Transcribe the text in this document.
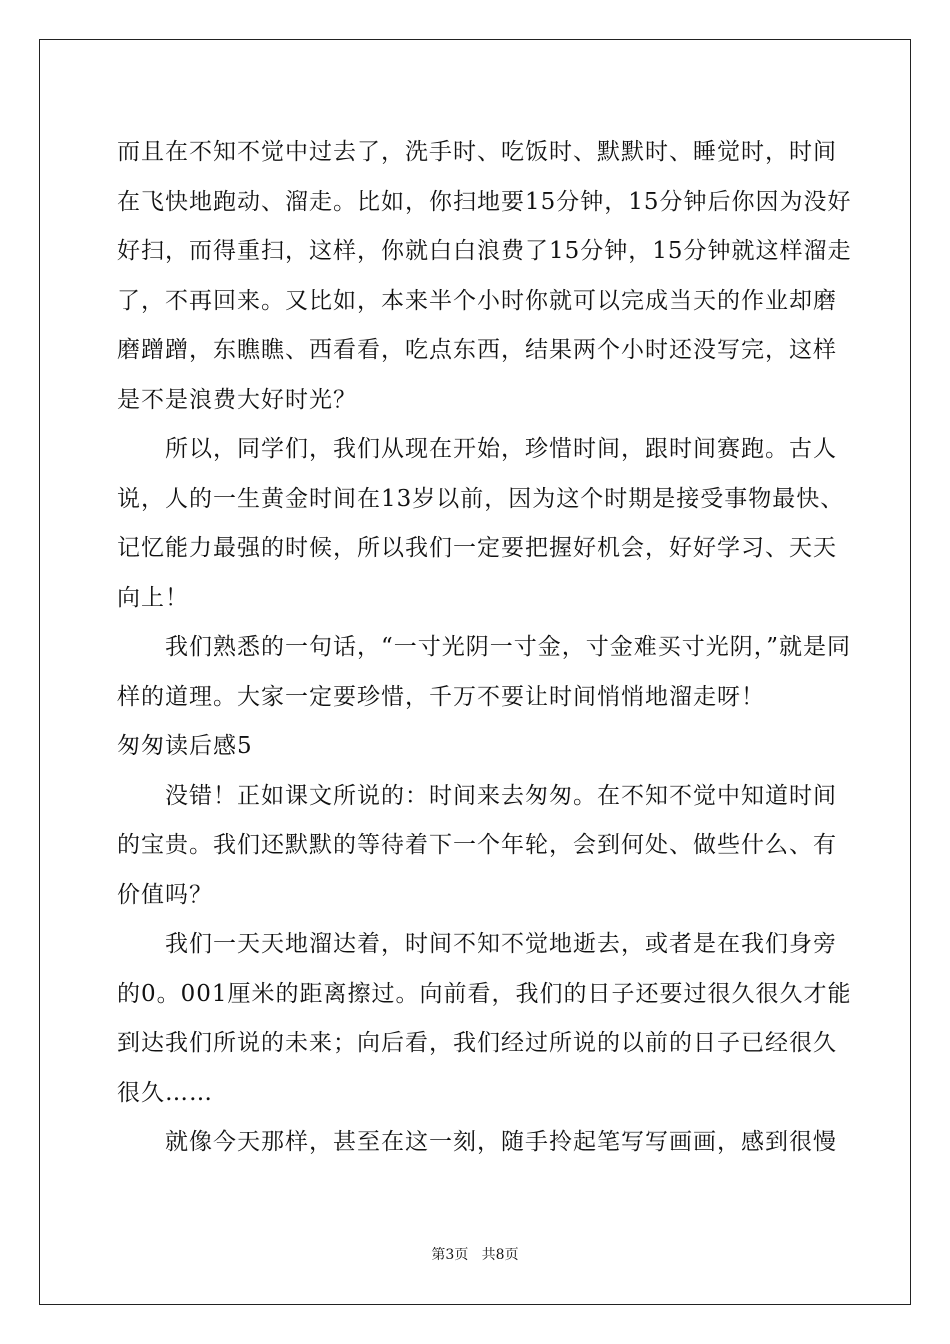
而且在不知不觉中过去了，洗手时、吃饭时、默默时、睡觉时，时间在飞快地跑动、溜走。比如，你扫地要15分钟，15分钟后你因为没好好扫，而得重扫，这样，你就白白浪费了15分钟，15分钟就这样溜走了，不再回来。又比如，本来半个小时你就可以完成当天的作业却磨磨蹭蹭，东瞧瞧、西看看，吃点东西，结果两个小时还没写完，这样是不是浪费大好时光？

所以，同学们，我们从现在开始，珍惜时间，跟时间赛跑。古人说，人的一生黄金时间在13岁以前，因为这个时期是接受事物最快、记忆能力最强的时候，所以我们一定要把握好机会，好好学习、天天向上！

我们熟悉的一句话，“一寸光阴一寸金，寸金难买寸光阴，”就是同样的道理。大家一定要珍惜，千万不要让时间悄悄地溜走呀！

匆匆读后感5

没错！正如课文所说的：时间来去匆匆。在不知不觉中知道时间的宝贵。我们还默默的等待着下一个年轮，会到何处、做些什么、有价值吗？

我们一天天地溜达着，时间不知不觉地逝去，或者是在我们身旁的0。001厘米的距离擦过。向前看，我们的日子还要过很久很久才能到达我们所说的未来；向后看，我们经过所说的以前的日子已经很久很久……

就像今天那样，甚至在这一刻，随手拎起笔写写画画，感到很慢

第3页   共8页
